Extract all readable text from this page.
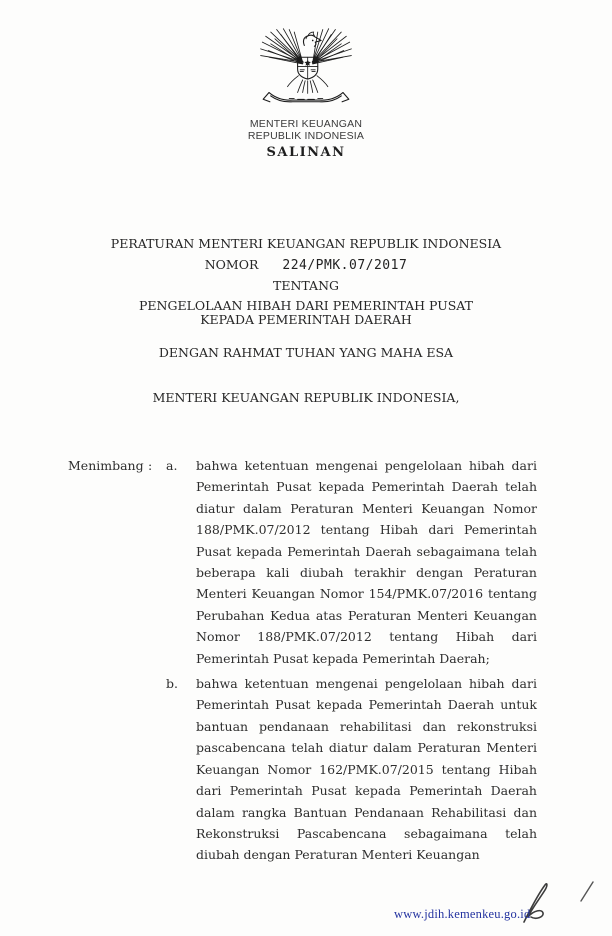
MENTERI KEUANGAN
REPUBLIK INDONESIA
SALINAN
PERATURAN MENTERI KEUANGAN REPUBLIK INDONESIA
NOMOR 224/PMK.07/2017
TENTANG
PENGELOLAAN HIBAH DARI PEMERINTAH PUSAT
KEPADA PEMERINTAH DAERAH
DENGAN RAHMAT TUHAN YANG MAHA ESA
MENTERI KEUANGAN REPUBLIK INDONESIA,
Menimbang :	a.	bahwa ketentuan mengenai pengelolaan hibah dari Pemerintah Pusat kepada Pemerintah Daerah telah diatur dalam Peraturan Menteri Keuangan Nomor 188/PMK.07/2012 tentang Hibah dari Pemerintah Pusat kepada Pemerintah Daerah sebagaimana telah beberapa kali diubah terakhir dengan Peraturan Menteri Keuangan Nomor 154/PMK.07/2016 tentang Perubahan Kedua atas Peraturan Menteri Keuangan Nomor 188/PMK.07/2012 tentang Hibah dari Pemerintah Pusat kepada Pemerintah Daerah;
b.	bahwa ketentuan mengenai pengelolaan hibah dari Pemerintah Pusat kepada Pemerintah Daerah untuk bantuan pendanaan rehabilitasi dan rekonstruksi pascabencana telah diatur dalam Peraturan Menteri Keuangan Nomor 162/PMK.07/2015 tentang Hibah dari Pemerintah Pusat kepada Pemerintah Daerah dalam rangka Bantuan Pendanaan Rehabilitasi dan Rekonstruksi Pascabencana sebagaimana telah diubah dengan Peraturan Menteri Keuangan
www.jdih.kemenkeu.go.id
